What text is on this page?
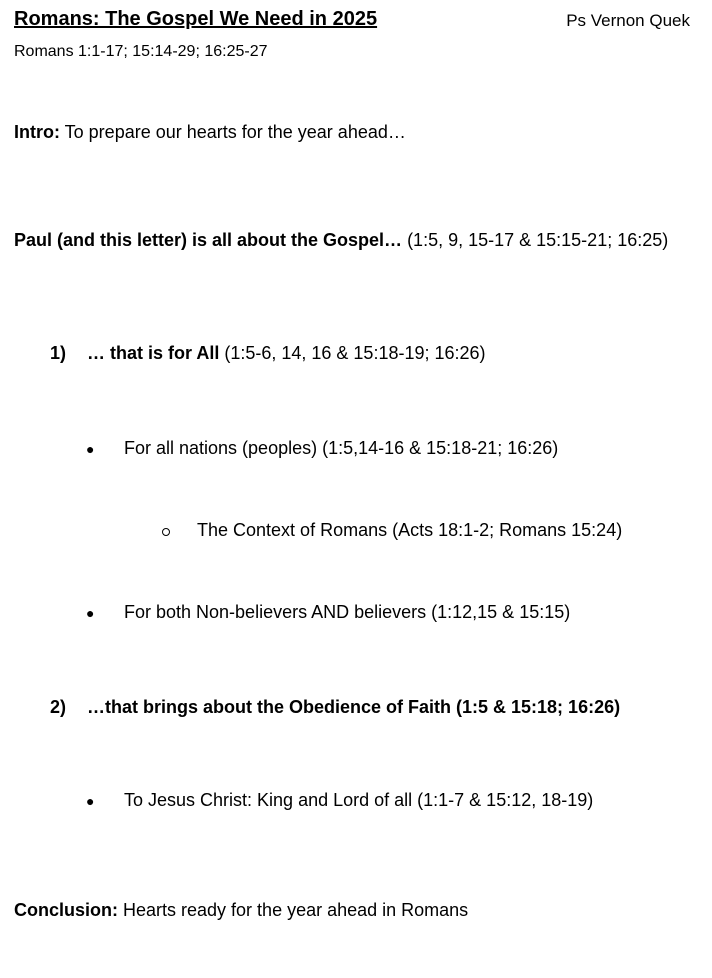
Romans: The Gospel We Need in 2025	Ps Vernon Quek
Romans 1:1-17; 15:14-29; 16:25-27
Intro: To prepare our hearts for the year ahead…
Paul (and this letter) is all about the Gospel… (1:5, 9, 15-17 & 15:15-21; 16:25)
1) … that is for All (1:5-6, 14, 16 & 15:18-19; 16:26)
● For all nations (peoples) (1:5,14-16 & 15:18-21; 16:26)
The Context of Romans (Acts 18:1-2; Romans 15:24)
● For both Non-believers AND believers (1:12,15 & 15:15)
2) …that brings about the Obedience of Faith (1:5 & 15:18; 16:26)
● To Jesus Christ: King and Lord of all (1:1-7 & 15:12, 18-19)
Conclusion: Hearts ready for the year ahead in Romans
